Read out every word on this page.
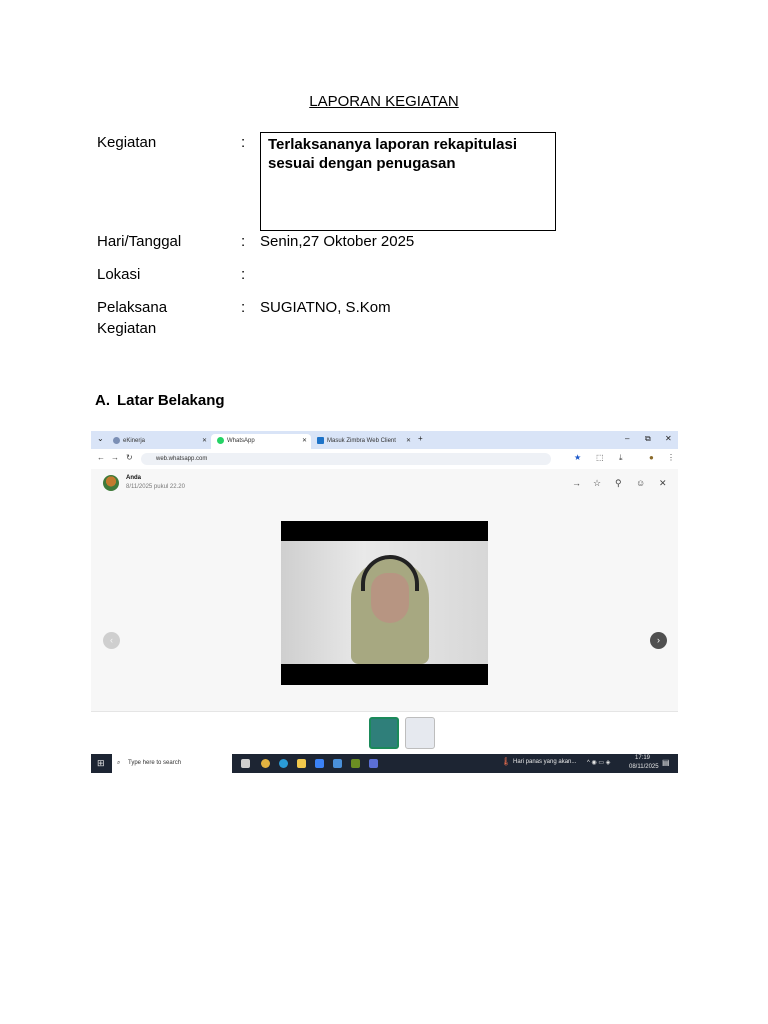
LAPORAN KEGIATAN
Kegiatan	:	Terlaksananya laporan rekapitulasi sesuai dengan penugasan
Hari/Tanggal	: Senin,27 Oktober 2025
Lokasi	:
Pelaksana
Kegiatan
: SUGIATNO, S.Kom
A. Latar Belakang
⌄	eKinerja	✕	WhatsApp	✕	Masuk Zimbra Web Client ✕ +	– ⧉ ✕
← → ↻	web.whatsapp.com	★ ⬚ ⤓	● ⋮
Anda
8/11/2025 pukul 22.20	→ ☆ ⚲ ☺ ✕
‹	›
⊞ ⌕ Type here to search	🌡 Hari panas yang akan... ^ ◉ ▭ ◈
17:19
08/11/2025 ▤
